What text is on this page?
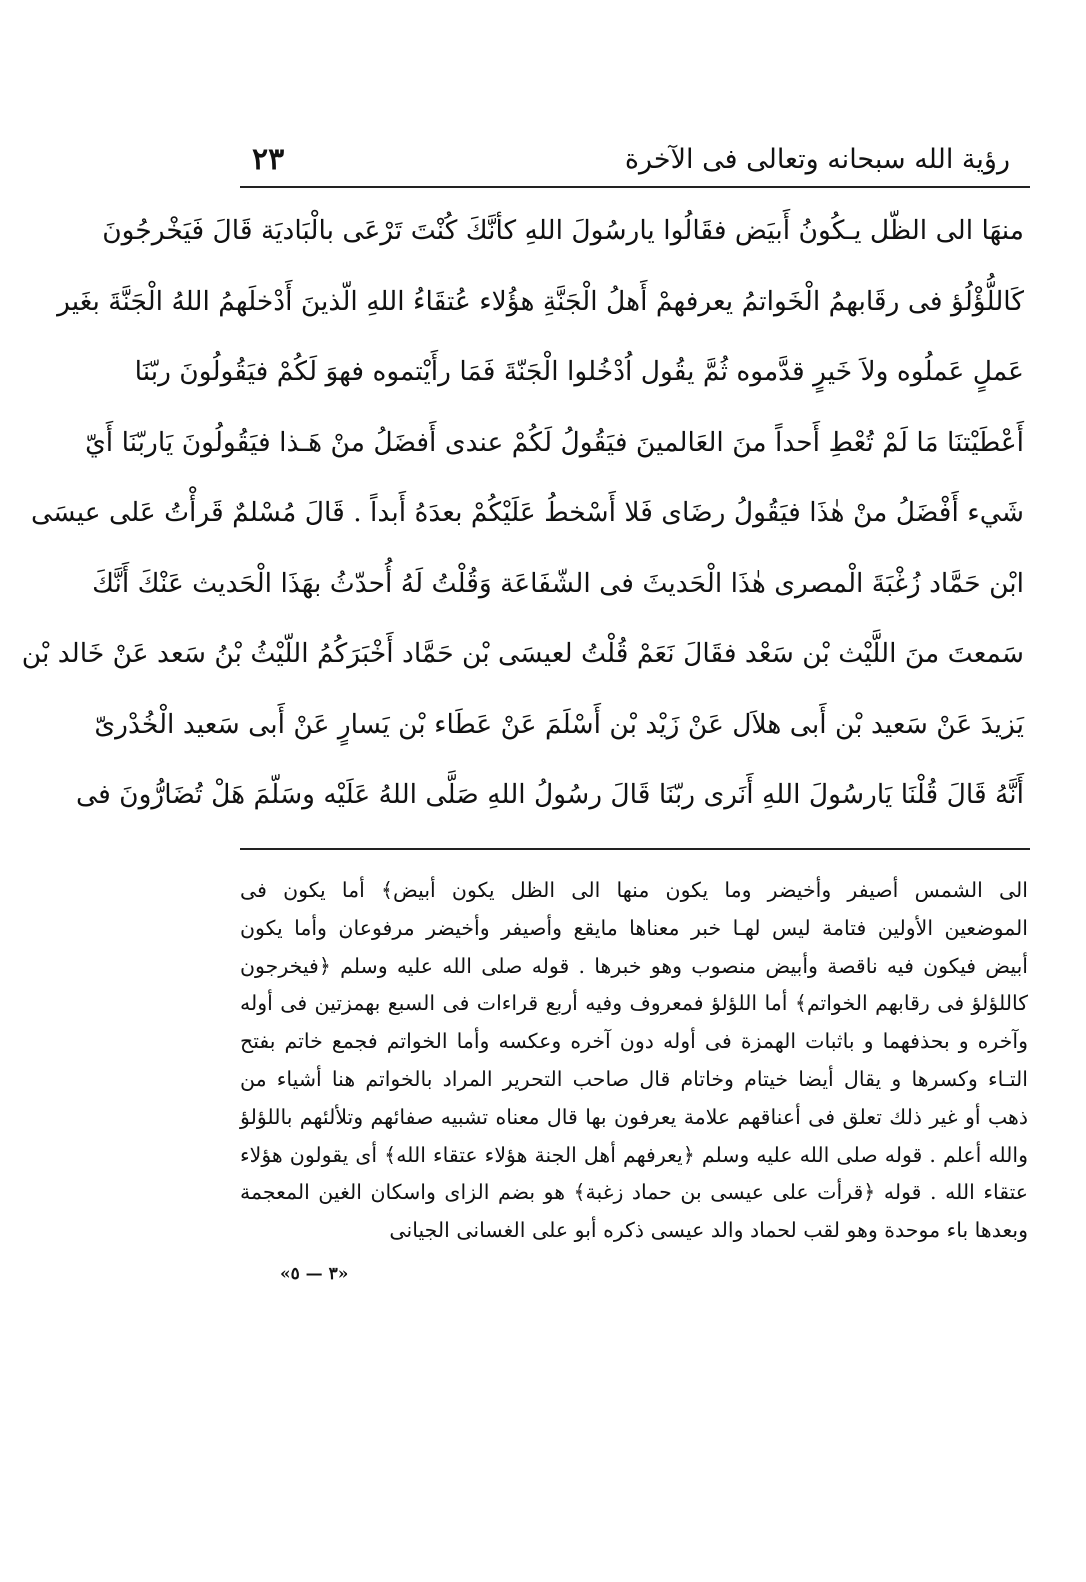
رؤية الله سبحانه وتعالى فى الآخرة
٢٣
منهَا الى الظّل يـكُونُ أَبيَض فقَالُوا يارسُولَ اللهِ كأنَّكَ كُنْتَ تَرْعَى بالْبَاديَة قَالَ فَيَخْرجُونَ
كَاللُّؤْلُؤ فى رقَابهمُ الْخَواتمُ يعرفهمْ أَهلُ الْجَنَّةِ هؤُلاء عُتقَاءُ اللهِ الّذينَ أَدْخلَهمُ اللهُ الْجَنَّةَ بغَير
عَملٍ عَملُوه ولاَ خَيرٍ قدَّموه ثُمَّ يقُول اُدْخُلوا الْجَنّةَ فَمَا رأَيْتموه فهوَ لَكُمْ فيَقُولُونَ ربّنَا
أَعْطَيْتنَا مَا لَمْ تُعْطِ أَحداً منَ العَالمينَ فيَقُولُ لَكُمْ عندى أَفضَلُ منْ هَـذا فيَقُولُونَ يَاربّنَا أَيّ
شَيء أَفْضَلُ منْ هٰذَا فيَقُولُ رضَاى فَلا أَسْخطُ عَلَيْكُمْ بعدَهُ أَبداً . قَالَ مُسْلمٌ قَرأْتُ عَلى عيسَى
ابْن حَمَّاد زُغْبَةَ الْمصرى هٰذَا الْحَديثَ فى الشّفَاعَة وَقُلْتُ لَهُ أُحدّثُ بهَذَا الْحَديث عَنْكَ أَنَّكَ
سَمعتَ منَ اللَّيْث بْن سَعْد فقَالَ نَعَمْ قُلْتُ لعيسَى بْن حَمَّاد أَخْبَرَكُمُ اللّيْثُ بْنُ سَعد عَنْ خَالد بْن
يَزيدَ عَنْ سَعيد بْن أَبى هلاَل عَنْ زَيْد بْن أَسْلَمَ عَنْ عَطَاء بْن يَسارٍ عَنْ أَبى سَعيد الْخُدْرىّ
أَنَّهُ قَالَ قُلْنَا يَارسُولَ اللهِ أَنَرى ربّنَا قَالَ رسُولُ اللهِ صَلَّى اللهُ عَلَيْه وسَلّمَ هَلْ تُضَارُّونَ فى
الى الشمس أصيفر وأخيضر وما يكون منها الى الظل يكون أبيض﴾ أما يكون فى
الموضعين الأولين فتامة ليس لهـا خبر معناها مايقع وأصيفر وأخيضر مرفوعان وأما يكون
أبيض فيكون فيه ناقصة وأبيض منصوب وهو خبرها . قوله صلى الله عليه وسلم ﴿فيخرجون
كاللؤلؤ فى رقابهم الخواتم﴾ أما اللؤلؤ فمعروف وفيه أربع قراءات فى السبع بهمزتين فى أوله
وآخره و بحذفهما و باثبات الهمزة فى أوله دون آخره وعكسه وأما الخواتم فجمع خاتم بفتح
التـاء وكسرها و يقال أيضا خيتام وخاتام قال صاحب التحرير المراد بالخواتم هنا أشياء من
ذهب أو غير ذلك تعلق فى أعناقهم علامة يعرفون بها قال معناه تشبيه صفائهم وتلألئهم باللؤلؤ
والله أعلم . قوله صلى الله عليه وسلم ﴿يعرفهم أهل الجنة هؤلاء عتقاء الله﴾ أى يقولون هؤلاء
عتقاء الله . قوله ﴿قرأت على عيسى بن حماد زغبة﴾ هو بضم الزاى واسكان الغين المعجمة
وبعدها باء موحدة وهو لقب لحماد والد عيسى ذكره أبو على الغسانى الجيانى
«٣ — ٥»
